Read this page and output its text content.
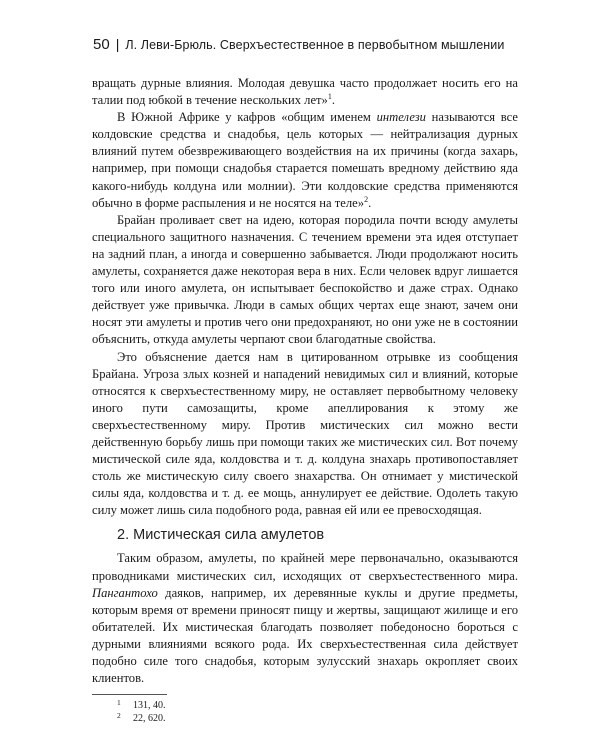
50 | Л. Леви-Брюль. Сверхъестественное в первобытном мышлении

вращать дурные влияния. Молодая девушка часто продолжает носить его на талии под юбкой в течение нескольких лет»$^1$.

В Южной Африке у кафров «общим именем интелези называются все колдовские средства и снадобья, цель которых — нейтрализация дурных влияний путем обезвреживающего воздействия на их причины (когда захарь, например, при помощи снадобья старается помешать вредному действию яда какого-нибудь колдуна или молнии). Эти колдовские средства применяются обычно в форме распыления и не носятся на теле»$^2$.

Брайан проливает свет на идею, которая породила почти всюду амулеты специального защитного назначения. С течением времени эта идея отступает на задний план, а иногда и совершенно забывается. Люди продолжают носить амулеты, сохраняется даже некоторая вера в них. Если человек вдруг лишается того или иного амулета, он испытывает беспокойство и даже страх. Однако действует уже привычка. Люди в самых общих чертах еще знают, зачем они носят эти амулеты и против чего они предохраняют, но они уже не в состоянии объяснить, откуда амулеты черпают свои благодатные свойства.

Это объяснение дается нам в цитированном отрывке из сообщения Брайана. Угроза злых козней и нападений невидимых сил и влияний, которые относятся к сверхъестественному миру, не оставляет первобытному человеку иного пути самозащиты, кроме апеллирования к этому же сверхъестественному миру. Против мистических сил можно вести действенную борьбу лишь при помощи таких же мистических сил. Вот почему мистической силе яда, колдовства и т. д. колдуна знахарь противопоставляет столь же мистическую силу своего знахарства. Он отнимает у мистической силы яда, колдовства и т. д. ее мощь, аннулирует ее действие. Одолеть такую силу может лишь сила подобного рода, равная ей или ее превосходящая.

2. Мистическая сила амулетов

Таким образом, амулеты, по крайней мере первоначально, оказываются проводниками мистических сил, исходящих от сверхъестественного мира. Пангантохо даяков, например, их деревянные куклы и другие предметы, которым время от времени приносят пищу и жертвы, защищают жилище и его обитателей. Их мистическая благодать позволяет победоносно бороться с дурными влияниями всякого рода. Их сверхъестественная сила действует подобно силе того снадобья, которым зулусский знахарь окропляет своих клиентов.

1 131, 40.
2 22, 620.
